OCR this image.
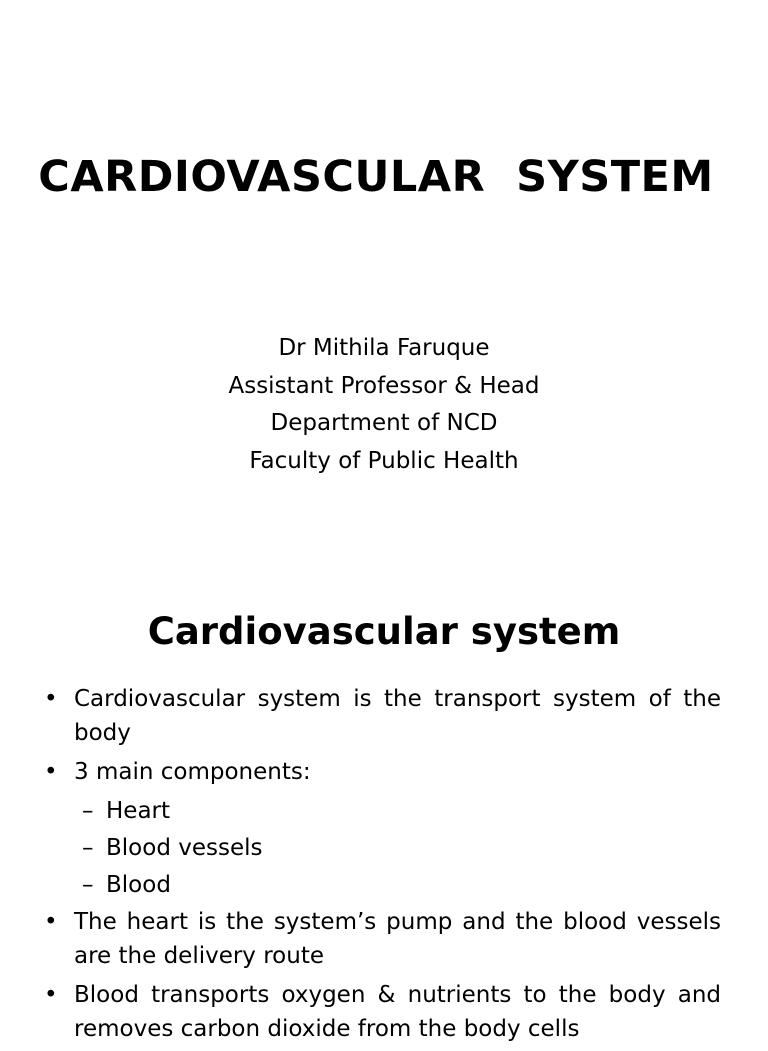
CARDIOVASCULAR  SYSTEM
Dr Mithila Faruque
Assistant Professor & Head
Department of NCD
Faculty of Public Health
Cardiovascular system
• Cardiovascular system is the transport system of the body
• 3 main components:
– Heart
– Blood vessels
– Blood
• The heart is the system’s pump and the blood vessels are the delivery route
• Blood transports oxygen & nutrients to the body and removes carbon dioxide from the body cells
